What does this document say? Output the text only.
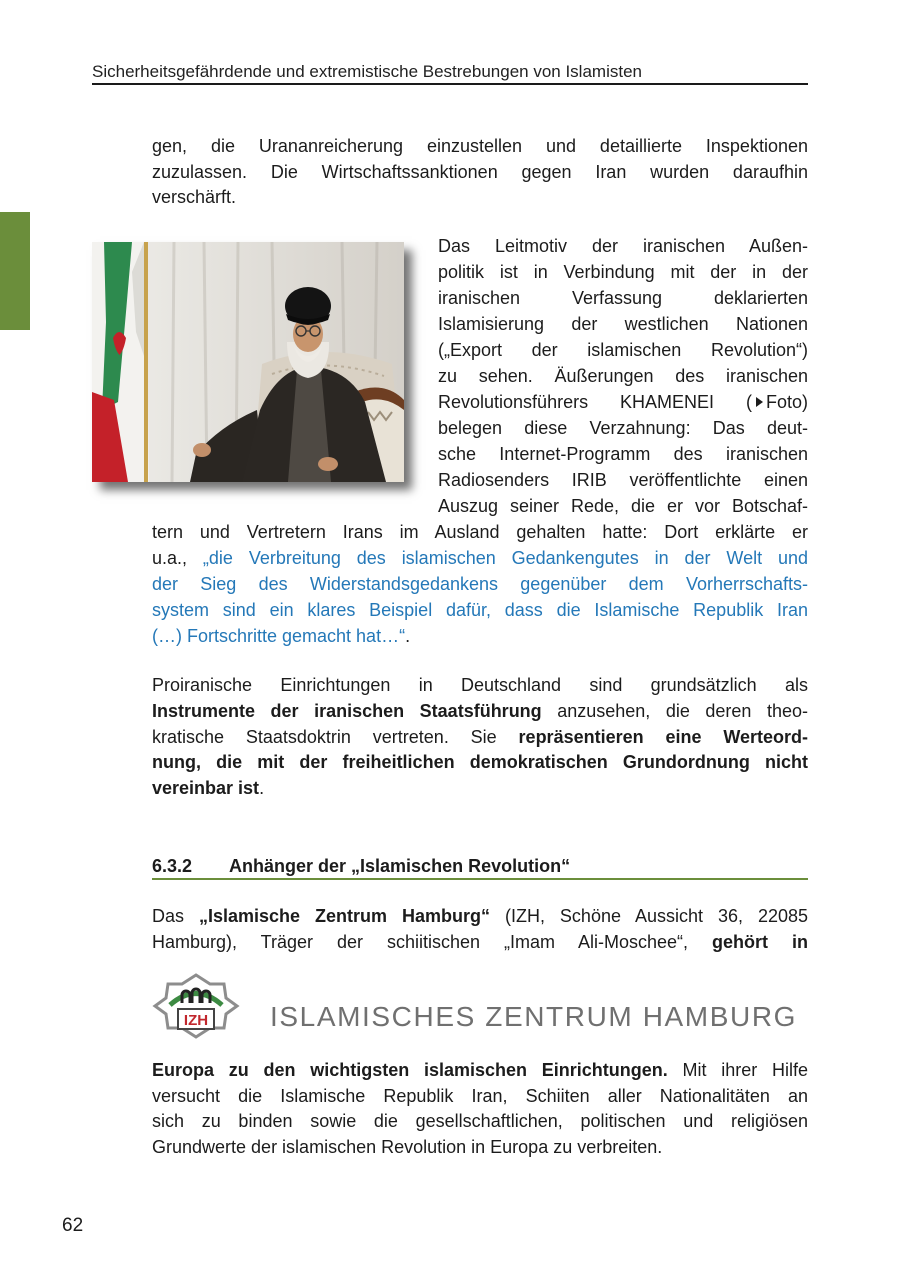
Sicherheitsgefährdende und extremistische Bestrebungen von Islamisten
gen, die Urananreicherung einzustellen und detaillierte Inspektionen
zuzulassen. Die Wirtschaftssanktionen gegen Iran wurden daraufhin
verschärft.
Das Leitmotiv der iranischen Außen-
politik ist in Verbindung mit der in der
iranischen Verfassung deklarierten
Islamisierung der westlichen Nationen
(„Export der islamischen Revolution“)
zu sehen. Äußerungen des iranischen
Revolutionsführers KHAMENEI ( Foto)
belegen diese Verzahnung: Das deut-
sche Internet-Programm des iranischen
Radiosenders IRIB veröffentlichte einen
Auszug seiner Rede, die er vor Botschaf-
tern und Vertretern Irans im Ausland gehalten hatte: Dort erklärte er
u.a., „die Verbreitung des islamischen Gedankengutes in der Welt und
der Sieg des Widerstandsgedankens gegenüber dem Vorherrschafts-
system sind ein klares Beispiel dafür, dass die Islamische Republik Iran
(…) Fortschritte gemacht hat…“.
Proiranische Einrichtungen in Deutschland sind grundsätzlich als
Instrumente der iranischen Staatsführung anzusehen, die deren theo-
kratische Staatsdoktrin vertreten. Sie repräsentieren eine Werteord-
nung, die mit der freiheitlichen demokratischen Grundordnung nicht
vereinbar ist.
6.3.2 Anhänger der „Islamischen Revolution“
Das „Islamische Zentrum Hamburg“ (IZH, Schöne Aussicht 36, 22085
Hamburg), Träger der schiitischen „Imam Ali-Moschee“, gehört in
IZH ISLAMISCHES ZENTRUM HAMBURG
Europa zu den wichtigsten islamischen Einrichtungen. Mit ihrer Hilfe
versucht die Islamische Republik Iran, Schiiten aller Nationalitäten an
sich zu binden sowie die gesellschaftlichen, politischen und religiösen
Grundwerte der islamischen Revolution in Europa zu verbreiten.
62
